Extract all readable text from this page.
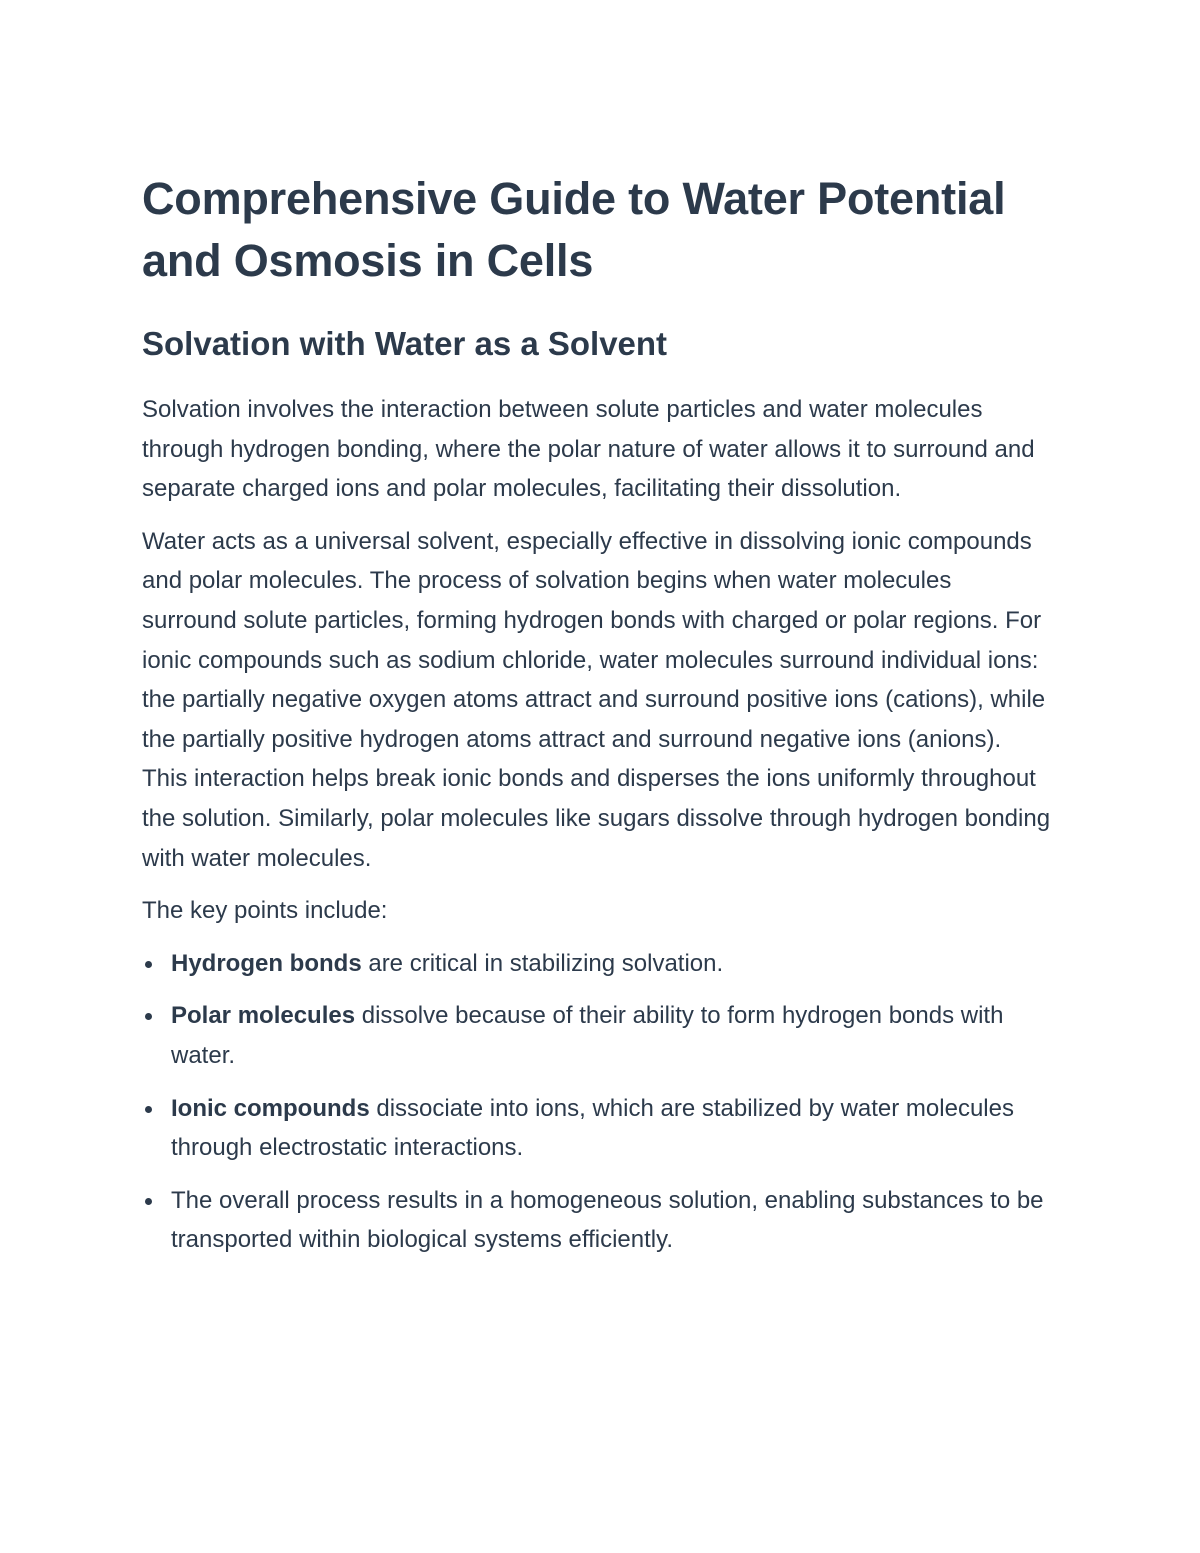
Comprehensive Guide to Water Potential and Osmosis in Cells
Solvation with Water as a Solvent

Solvation involves the interaction between solute particles and water molecules through hydrogen bonding, where the polar nature of water allows it to surround and separate charged ions and polar molecules, facilitating their dissolution.

Water acts as a universal solvent, especially effective in dissolving ionic compounds and polar molecules. The process of solvation begins when water molecules surround solute particles, forming hydrogen bonds with charged or polar regions. For ionic compounds such as sodium chloride, water molecules surround individual ions: the partially negative oxygen atoms attract and surround positive ions (cations), while the partially positive hydrogen atoms attract and surround negative ions (anions). This interaction helps break ionic bonds and disperses the ions uniformly throughout the solution. Similarly, polar molecules like sugars dissolve through hydrogen bonding with water molecules.

The key points include:

Hydrogen bonds are critical in stabilizing solvation.
Polar molecules dissolve because of their ability to form hydrogen bonds with water.
Ionic compounds dissociate into ions, which are stabilized by water molecules through electrostatic interactions.
The overall process results in a homogeneous solution, enabling substances to be transported within biological systems efficiently.
